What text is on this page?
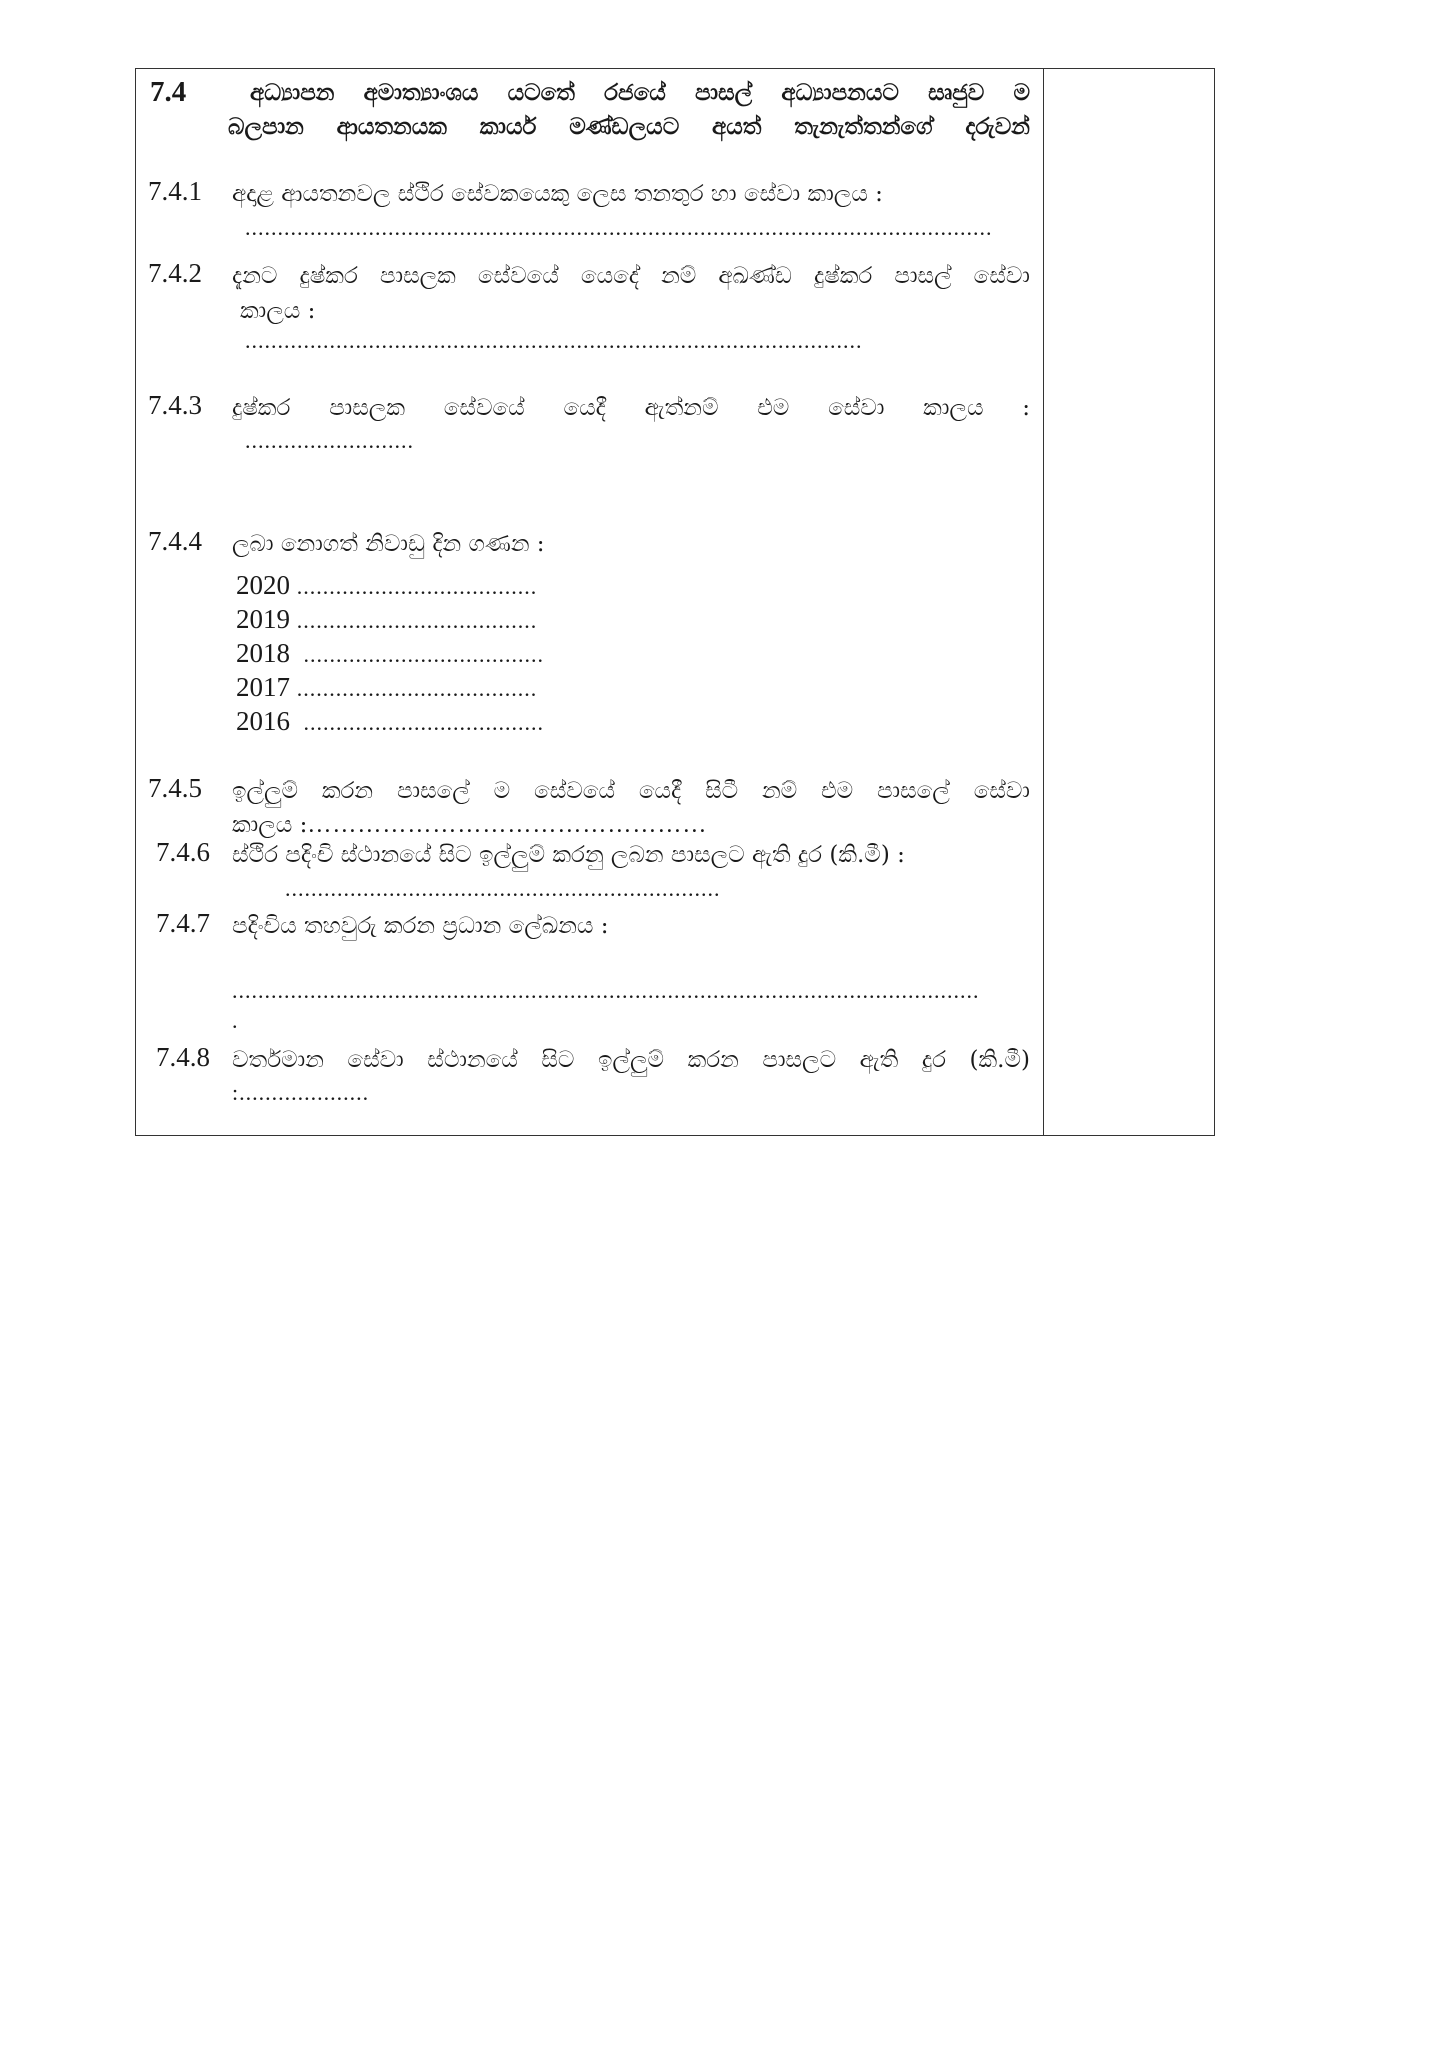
7.4	අධ්‍යාපන අමාත්‍යාංශය යටතේ රජයේ පාසල් අධ්‍යාපනයට සෘජුව ම
බලපාන ආයතනයක කාර්ය මණ්ඩලයට අයත් තැනැත්තන්ගේ දරුවන්
7.4.1 අදාළ ආයතනවල ස්ථිර සේවකයෙකු ලෙස තනතුර හා සේවා කාලය :
...................................................................................................................
7.4.2 දැනට දුෂ්කර පාසලක සේවයේ යෙදේ නම් අඛණ්ඩ දුෂ්කර පාසල් සේවා
කාලය :
...............................................................................................
7.4.3 දුෂ්කර පාසලක සේවයේ යෙදී ඇත්නම් එම සේවා කාලය :
..........................
7.4.4 ලබා නොගත් නිවාඩු දින ගණන :
2020 .....................................
2019 .....................................
2018 .....................................
2017 .....................................
2016 .....................................
7.4.5 ඉල්ලුම් කරන පාසලේ ම සේවයේ යෙදී සිටී නම් එම පාසලේ සේවා
කාලය :…………………………………………
7.4.6 ස්ථිර පදිංචි ස්ථානයේ සිට ඉල්ලුම් කරනු ලබන පාසලට ඇති දුර (කි.මී) :
...................................................................
7.4.7 පදිංචිය තහවුරු කරන ප්‍රධාන ලේඛනය :
...................................................................................................................
.
7.4.8 වර්තමාන සේවා ස්ථානයේ සිට ඉල්ලුම් කරන පාසලට ඇති දුර (කි.මී)
:....................
